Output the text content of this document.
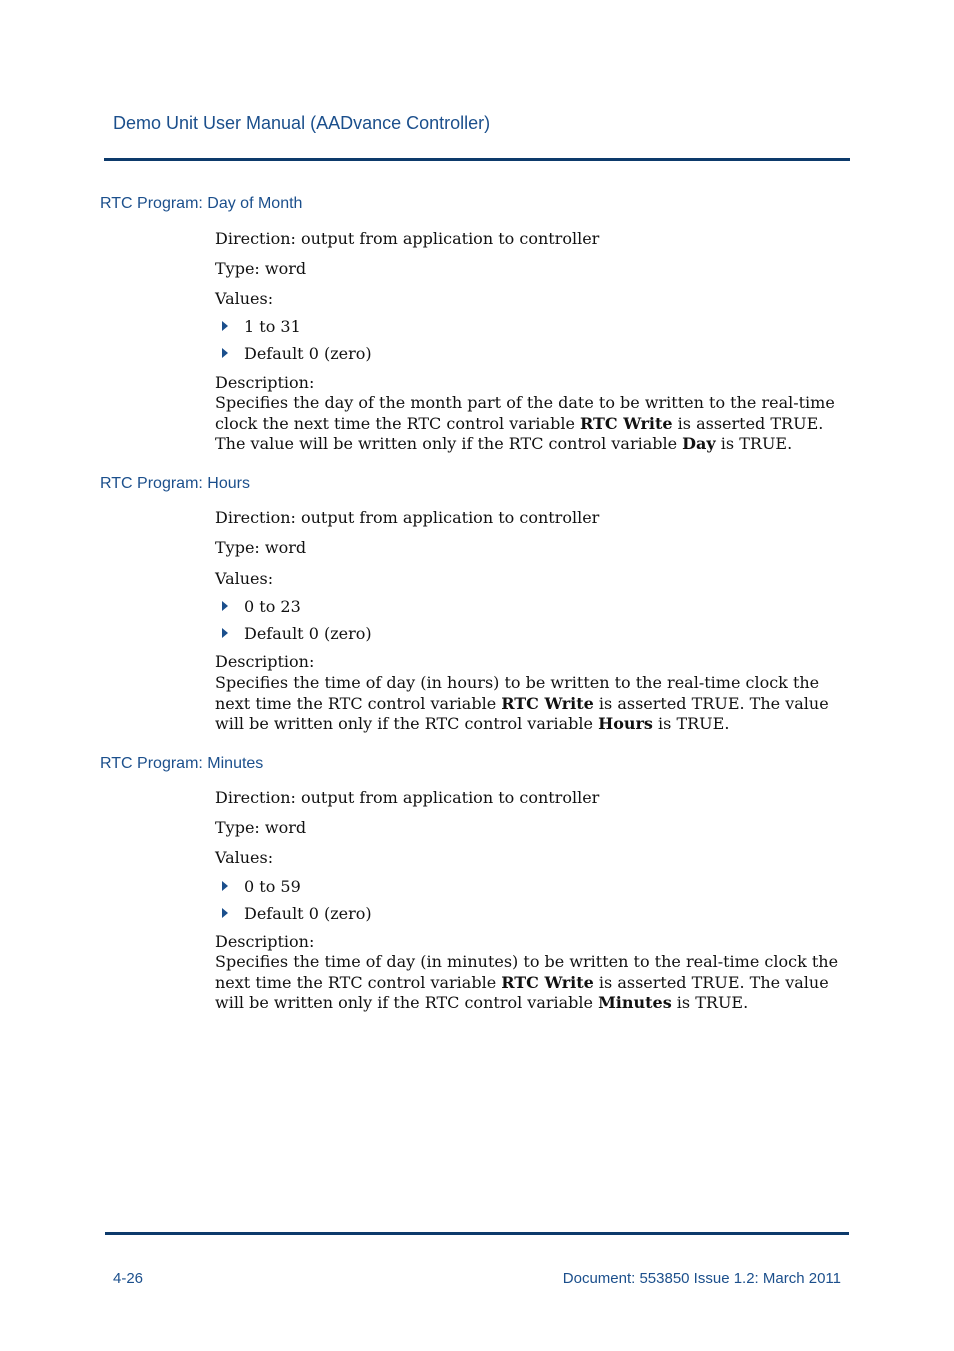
Demo Unit User Manual (AADvance Controller)
RTC Program: Day of Month
Direction: output from application to controller
Type: word
Values:
1 to 31
Default 0 (zero)
Description:
Specifies the day of the month part of the date to be written to the real-time clock the next time the RTC control variable RTC Write is asserted TRUE. The value will be written only if the RTC control variable Day is TRUE.
RTC Program: Hours
Direction: output from application to controller
Type: word
Values:
0 to 23
Default 0 (zero)
Description:
Specifies the time of day (in hours) to be written to the real-time clock the next time the RTC control variable RTC Write is asserted TRUE. The value will be written only if the RTC control variable Hours is TRUE.
RTC Program: Minutes
Direction: output from application to controller
Type: word
Values:
0 to 59
Default 0 (zero)
Description:
Specifies the time of day (in minutes) to be written to the real-time clock the next time the RTC control variable RTC Write is asserted TRUE. The value will be written only if the RTC control variable Minutes is TRUE.
4-26	Document: 553850 Issue 1.2: March 2011
